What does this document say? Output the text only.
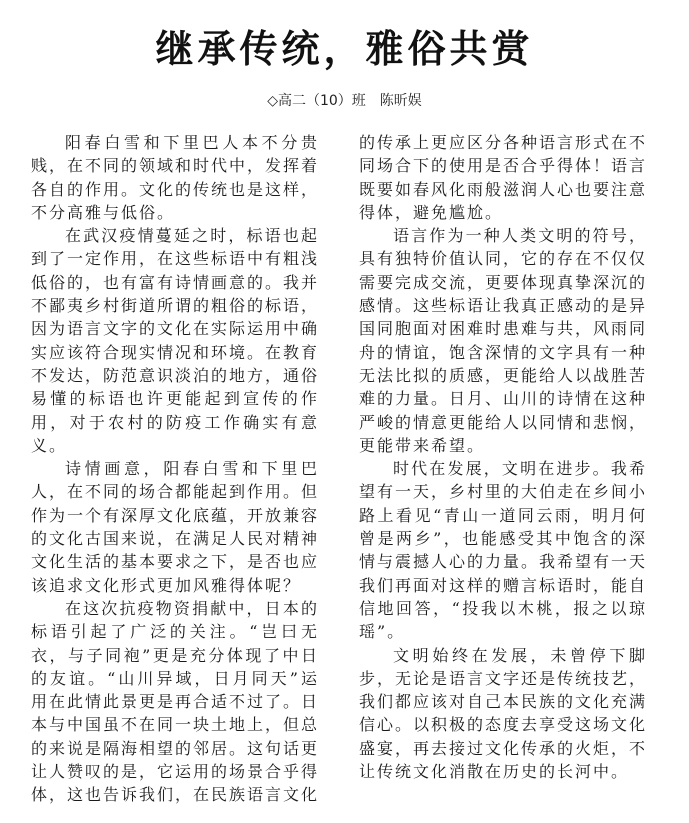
继承传统，雅俗共赏
◇高二（10）班 陈昕娱
阳春白雪和下里巴人本不分贵
贱，在不同的领域和时代中，发挥着
各自的作用。文化的传统也是这样，
不分高雅与低俗。
在武汉疫情蔓延之时，标语也起
到了一定作用，在这些标语中有粗浅
低俗的，也有富有诗情画意的。我并
不鄙夷乡村街道所谓的粗俗的标语，
因为语言文字的文化在实际运用中确
实应该符合现实情况和环境。在教育
不发达，防范意识淡泊的地方，通俗
易懂的标语也许更能起到宣传的作
用，对于农村的防疫工作确实有意
义。
诗情画意，阳春白雪和下里巴
人，在不同的场合都能起到作用。但
作为一个有深厚文化底蕴，开放兼容
的文化古国来说，在满足人民对精神
文化生活的基本要求之下，是否也应
该追求文化形式更加风雅得体呢？
在这次抗疫物资捐献中，日本的
标语引起了广泛的关注。“岂曰无
衣，与子同袍”更是充分体现了中日
的友谊。“山川异域，日月同天”运
用在此情此景更是再合适不过了。日
本与中国虽不在同一块土地上，但总
的来说是隔海相望的邻居。这句话更
让人赞叹的是，它运用的场景合乎得
体，这也告诉我们，在民族语言文化
的传承上更应区分各种语言形式在不
同场合下的使用是否合乎得体！语言
既要如春风化雨般滋润人心也要注意
得体，避免尴尬。
语言作为一种人类文明的符号，
具有独特价值认同，它的存在不仅仅
需要完成交流，更要体现真挚深沉的
感情。这些标语让我真正感动的是异
国同胞面对困难时患难与共，风雨同
舟的情谊，饱含深情的文字具有一种
无法比拟的质感，更能给人以战胜苦
难的力量。日月、山川的诗情在这种
严峻的情意更能给人以同情和悲悯，
更能带来希望。
时代在发展，文明在进步。我希
望有一天，乡村里的大伯走在乡间小
路上看见“青山一道同云雨，明月何
曾是两乡”，也能感受其中饱含的深
情与震撼人心的力量。我希望有一天
我们再面对这样的赠言标语时，能自
信地回答，“投我以木桃，报之以琼
瑶”。
文明始终在发展，未曾停下脚
步，无论是语言文字还是传统技艺，
我们都应该对自己本民族的文化充满
信心。以积极的态度去享受这场文化
盛宴，再去接过文化传承的火炬，不
让传统文化消散在历史的长河中。
